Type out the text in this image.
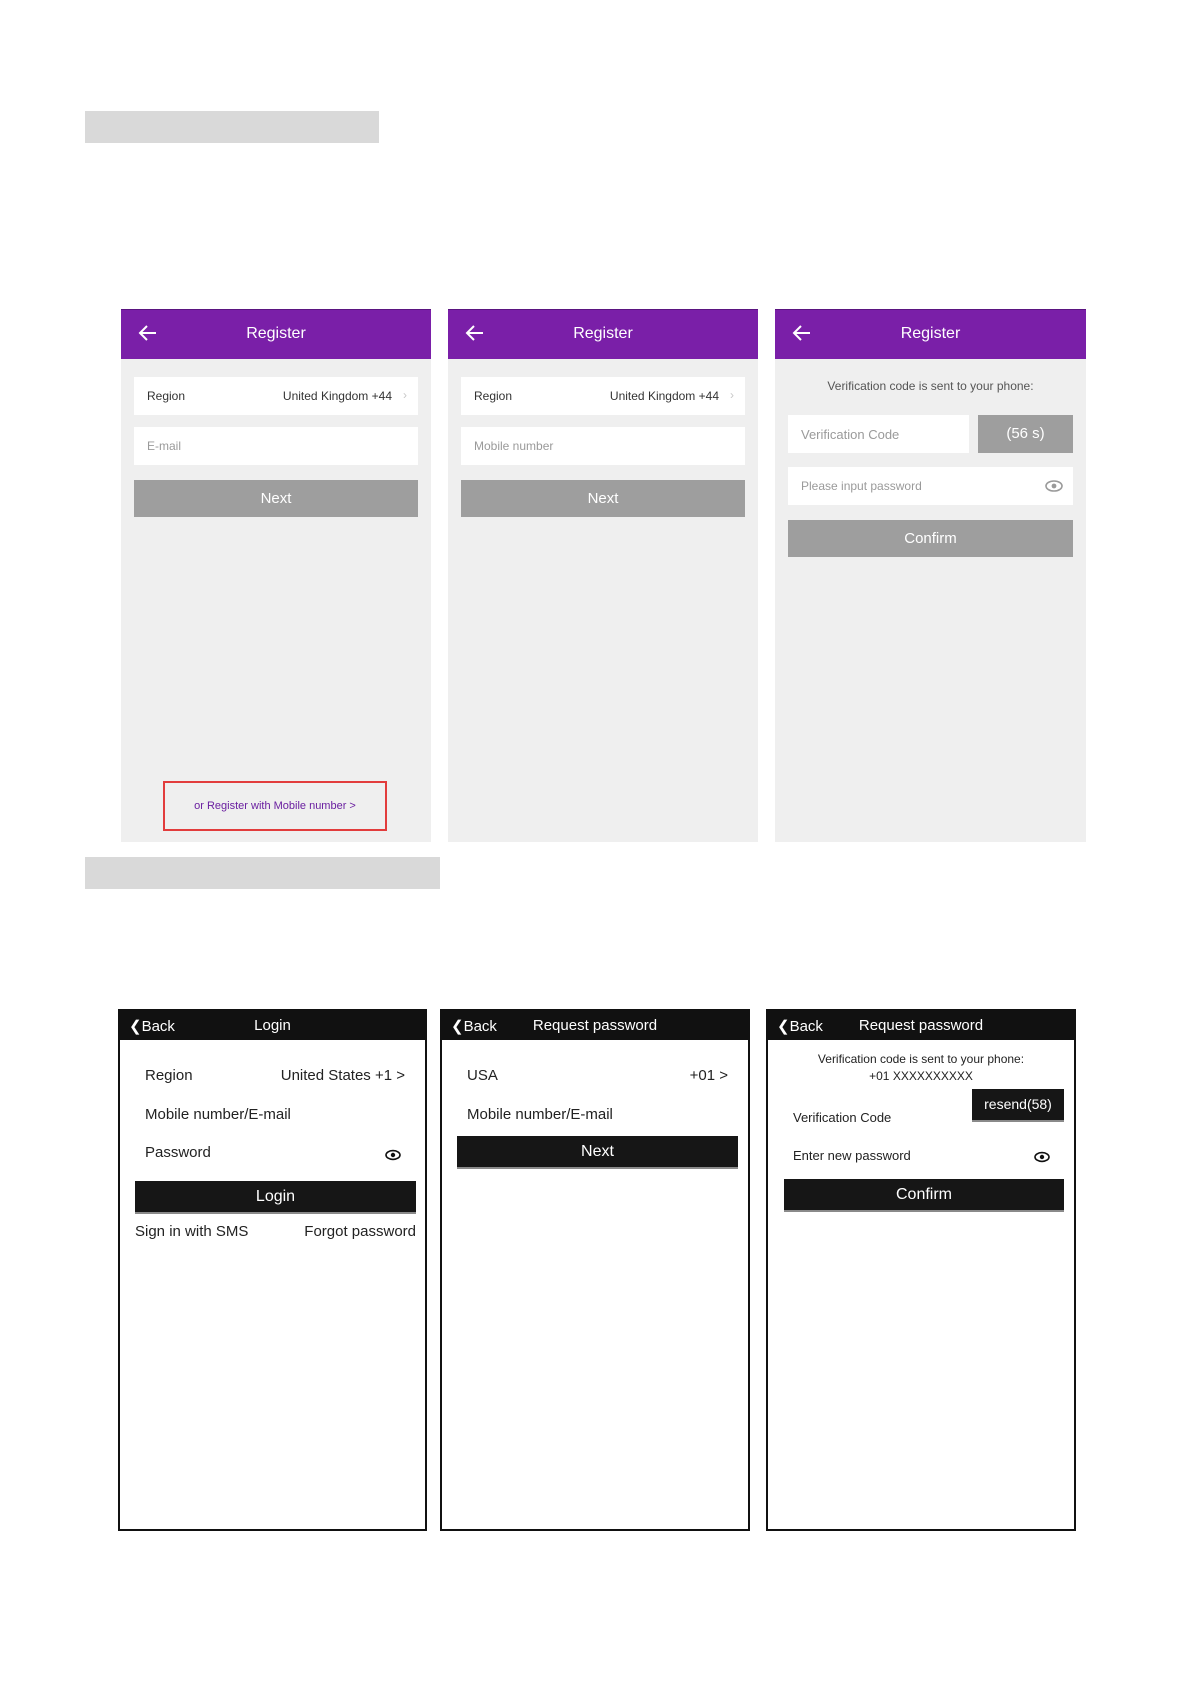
Register
Region	United Kingdom +44 ›
E-mail
Next
or Register with Mobile number >
Register
Region	United Kingdom +44 ›
Mobile number
Next
Register
Verification code is sent to your phone:
Verification Code	(56 s)
Please input password
Confirm
❮Back	Login
Region	United States +1 >
Mobile number/E-mail
Password
Login
Sign in with SMS	Forgot password
❮Back	Request password
USA	+01 >
Mobile number/E-mail
Next
❮Back	Request password
Verification code is sent to your phone:
+01 XXXXXXXXXX
Verification Code
resend(58)
Enter new password
Confirm
